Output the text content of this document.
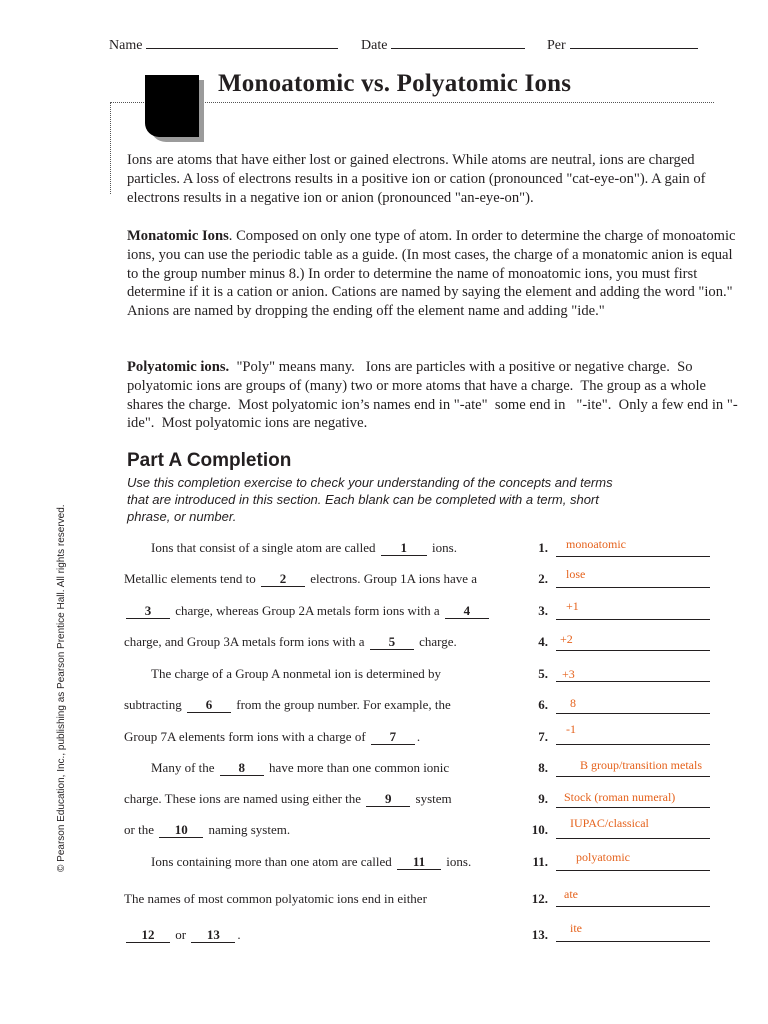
Name	Date	Per
Monoatomic vs. Polyatomic Ions
Ions are atoms that have either lost or gained electrons. While atoms are neutral, ions are charged particles. A loss of electrons results in a positive ion or cation (pronounced "cat-eye-on"). A gain of electrons results in a negative ion or anion (pronounced "an-eye-on").
Monatomic Ions. Composed on only one type of atom. In order to determine the charge of monoatomic ions, you can use the periodic table as a guide. (In most cases, the charge of a monatomic anion is equal to the group number minus 8.) In order to determine the name of monoatomic ions, you must first determine if it is a cation or anion. Cations are named by saying the element and adding the word "ion." Anions are named by dropping the ending off the element name and adding "ide."
Polyatomic ions.  "Poly" means many.   Ions are particles with a positive or negative charge.  So polyatomic ions are groups of (many) two or more atoms that have a charge.  The group as a whole shares the charge.  Most polyatomic ion’s names end in "-ate"  some end in   "-ite".  Only a few end in "-ide".  Most polyatomic ions are negative.
Part A Completion
Use this completion exercise to check your understanding of the concepts and terms that are introduced in this section. Each blank can be completed with a term, short phrase, or number.
Ions that consist of a single atom are called 1 ions.
Metallic elements tend to 2 electrons. Group 1A ions have a
3 charge, whereas Group 2A metals form ions with a 4
charge, and Group 3A metals form ions with a 5 charge.
The charge of a Group A nonmetal ion is determined by
subtracting 6 from the group number. For example, the
Group 7A elements form ions with a charge of 7 .
Many of the 8 have more than one common ionic
charge. These ions are named using either the 9 system
or the 10 naming system.
Ions containing more than one atom are called 11 ions.
The names of most common polyatomic ions end in either
12 or 13 .
1.
2.
3.
4.
5.
6.
7.
8.
9.
10.
11.
12.
13.
monoatomic
lose
+1
+2
+3
8
-1
B group/transition metals
Stock (roman numeral)
IUPAC/classical
polyatomic
ate
ite
© Pearson Education, Inc., publishing as Pearson Prentice Hall. All rights reserved.
